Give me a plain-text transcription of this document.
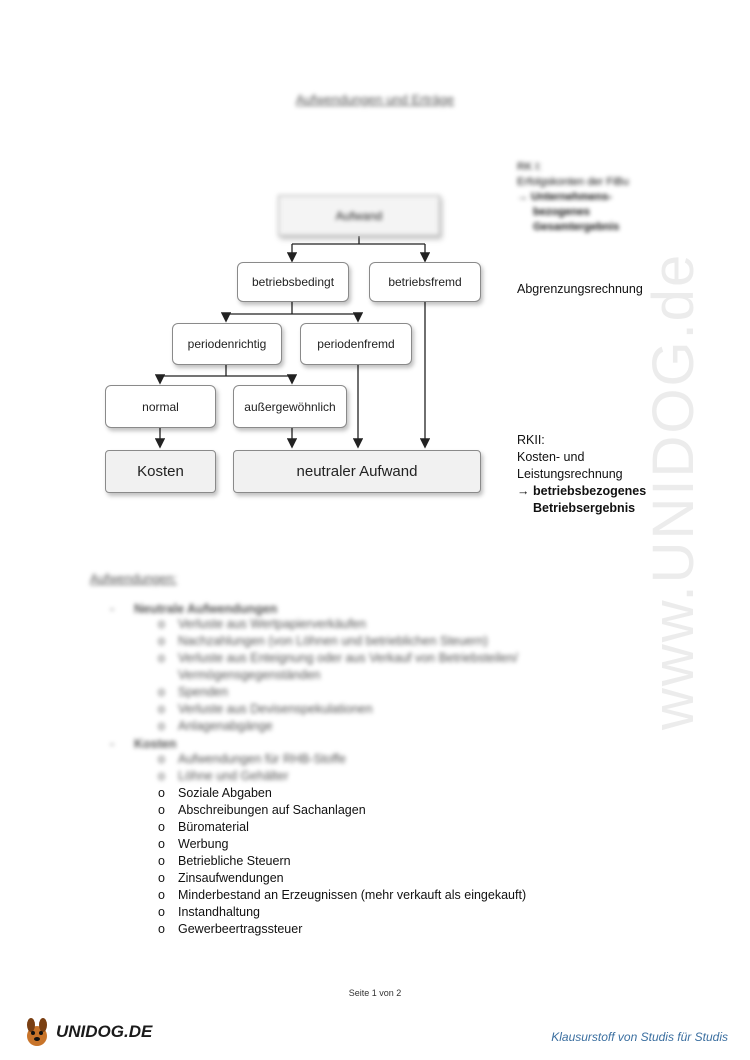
www.UNIDOG.de
Aufwendungen und Erträge
Aufwand
betriebsbedingt	betriebsfremd
periodenrichtig	periodenfremd
normal	außergewöhnlich
Kosten	neutraler Aufwand
RK I:
Erfolgskonten der FiBu
→ Unternehmens-
bezogenes
Gesamtergebnis
Abgrenzungsrechnung
RKII:
Kosten- und
Leistungsrechnung
→ betriebsbezogenes
Betriebsergebnis
Aufwendungen:
- Neutrale Aufwendungen
o Verluste aus Wertpapierverkäufen
o Nachzahlungen (von Löhnen und betrieblichen Steuern)
o Verluste aus Enteignung oder aus Verkauf von Betriebsteilen/
Vermögensgegenständen
o Spenden
o Verluste aus Devisenspekulationen
o Anlagenabgänge
- Kosten
o Aufwendungen für RHB-Stoffe
o Löhne und Gehälter
o Soziale Abgaben
o Abschreibungen auf Sachanlagen
o Büromaterial
o Werbung
o Betriebliche Steuern
o Zinsaufwendungen
o Minderbestand an Erzeugnissen (mehr verkauft als eingekauft)
o Instandhaltung
o Gewerbeertragssteuer
Seite 1 von 2
UNIDOG.DE	Klausurstoff von Studis für Studis
